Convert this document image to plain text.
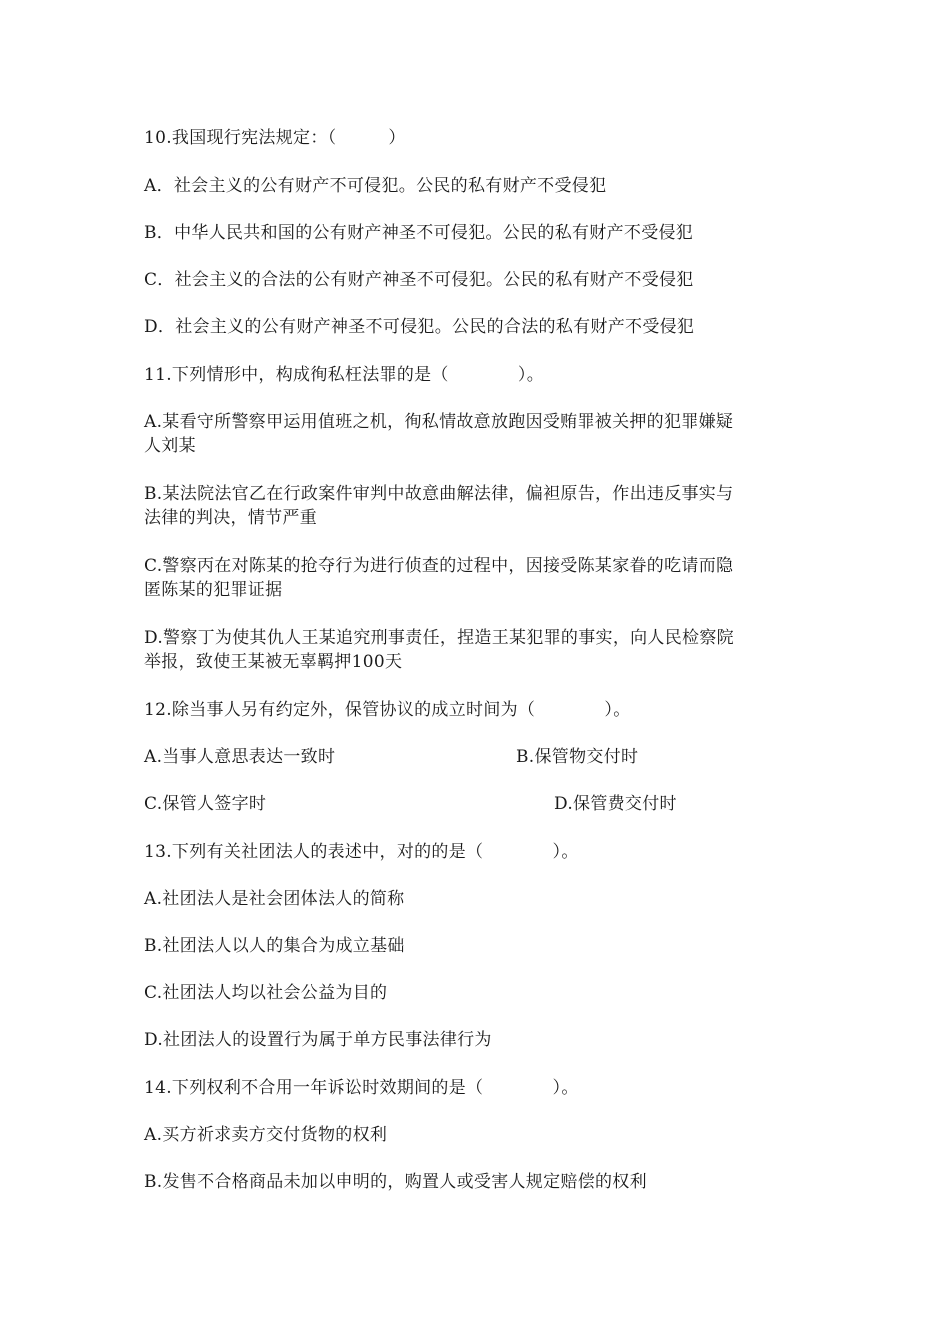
10.我国现行宪法规定：（　　　）
A．社会主义的公有财产不可侵犯。公民的私有财产不受侵犯
B．中华人民共和国的公有财产神圣不可侵犯。公民的私有财产不受侵犯
C．社会主义的合法的公有财产神圣不可侵犯。公民的私有财产不受侵犯
D．社会主义的公有财产神圣不可侵犯。公民的合法的私有财产不受侵犯
11.下列情形中，构成徇私枉法罪的是（　　　　）。
A.某看守所警察甲运用值班之机，徇私情故意放跑因受贿罪被关押的犯罪嫌疑
人刘某
B.某法院法官乙在行政案件审判中故意曲解法律，偏袒原告，作出违反事实与
法律的判决，情节严重
C.警察丙在对陈某的抢夺行为进行侦查的过程中，因接受陈某家眷的吃请而隐
匿陈某的犯罪证据
D.警察丁为使其仇人王某追究刑事责任，捏造王某犯罪的事实，向人民检察院
举报，致使王某被无辜羁押100天
12.除当事人另有约定外，保管协议的成立时间为（　　　　）。
A.当事人意思表达一致时	B.保管物交付时
C.保管人签字时	D.保管费交付时
13.下列有关社团法人的表述中，对的的是（　　　　）。
A.社团法人是社会团体法人的简称
B.社团法人以人的集合为成立基础
C.社团法人均以社会公益为目的
D.社团法人的设置行为属于单方民事法律行为
14.下列权利不合用一年诉讼时效期间的是（　　　　）。
A.买方祈求卖方交付货物的权利
B.发售不合格商品未加以申明的，购置人或受害人规定赔偿的权利
